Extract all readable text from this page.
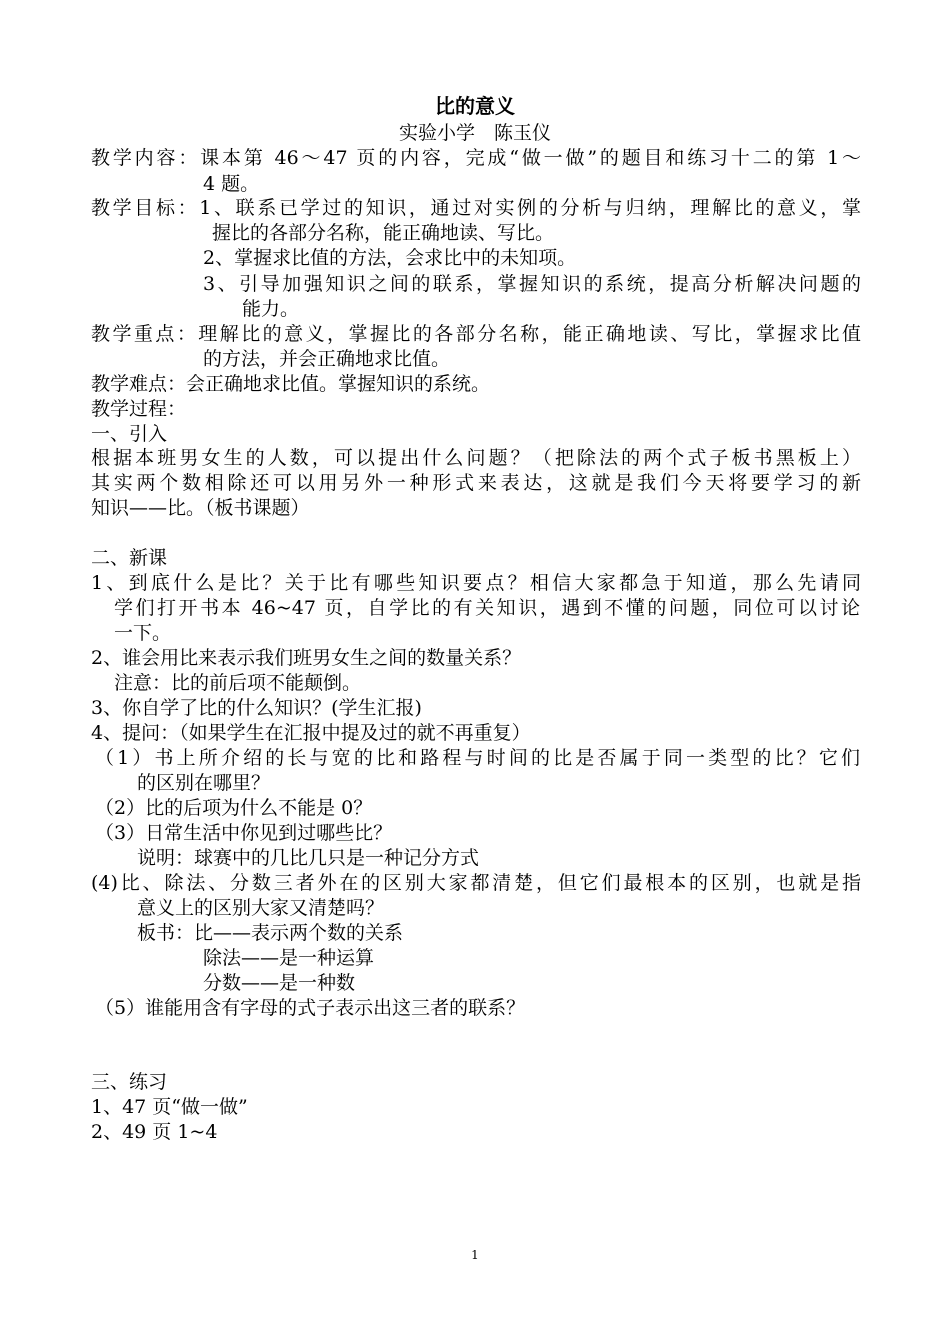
比的意义
实验小学　陈玉仪
教学内容：课本第 46～47 页的内容，完成“做一做”的题目和练习十二的第 1～
4 题。
教学目标：1、联系已学过的知识，通过对实例的分析与归纳，理解比的意义，掌
握比的各部分名称，能正确地读、写比。
2、掌握求比值的方法，会求比中的未知项。
3、引导加强知识之间的联系，掌握知识的系统，提高分析解决问题的
能力。
教学重点：理解比的意义，掌握比的各部分名称，能正确地读、写比，掌握求比值
的方法，并会正确地求比值。
教学难点：会正确地求比值。掌握知识的系统。
教学过程：
一、引入
根据本班男女生的人数，可以提出什么问题？（把除法的两个式子板书黑板上）
其实两个数相除还可以用另外一种形式来表达，这就是我们今天将要学习的新
知识——比。（板书课题）
二、新课
1、到底什么是比？关于比有哪些知识要点？相信大家都急于知道，那么先请同
学们打开书本 46~47 页，自学比的有关知识，遇到不懂的问题，同位可以讨论
一下。
2、谁会用比来表示我们班男女生之间的数量关系？
注意：比的前后项不能颠倒。
3、你自学了比的什么知识？(学生汇报)
4、提问：（如果学生在汇报中提及过的就不再重复）
（1）书上所介绍的长与宽的比和路程与时间的比是否属于同一类型的比？它们
的区别在哪里？
（2）比的后项为什么不能是 0？
（3）日常生活中你见到过哪些比？
说明：球赛中的几比几只是一种记分方式
(4)比、除法、分数三者外在的区别大家都清楚，但它们最根本的区别，也就是指
意义上的区别大家又清楚吗？
板书：比——表示两个数的关系
除法——是一种运算
分数——是一种数
（5）谁能用含有字母的式子表示出这三者的联系？
三、练习
1、47 页“做一做”
2、49 页 1~4
1
